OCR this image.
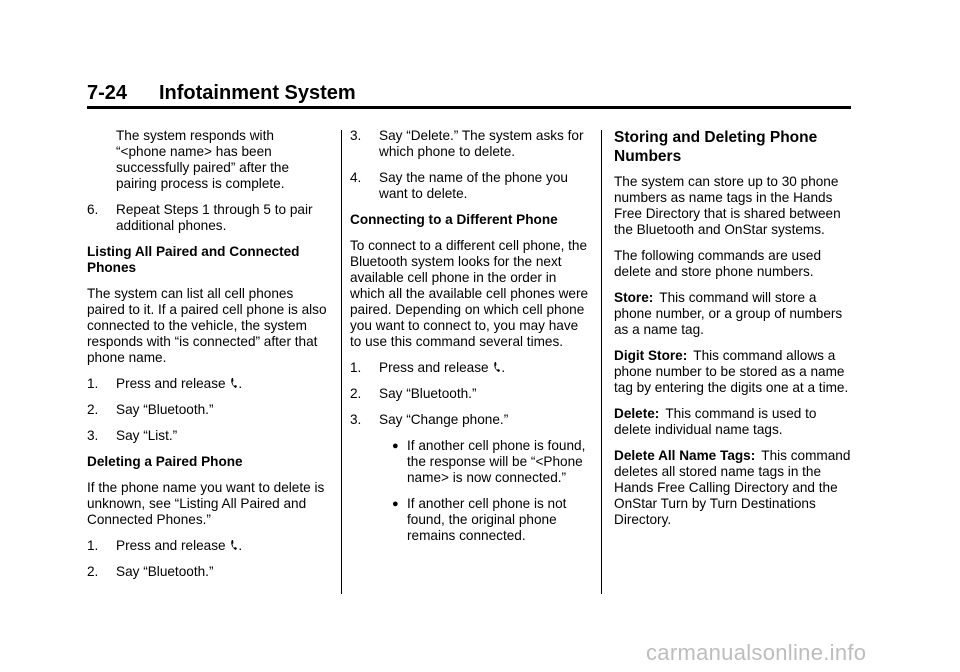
7-24 Infotainment System
The system responds with
“<phone name> has been
successfully paired” after the
pairing process is complete.
6. Repeat Steps 1 through 5 to pair additional phones.
Listing All Paired and Connected Phones
The system can list all cell phones paired to it. If a paired cell phone is also connected to the vehicle, the system responds with “is connected” after that phone name.
1. Press and release .
2. Say “Bluetooth.”
3. Say “List.”
Deleting a Paired Phone
If the phone name you want to delete is unknown, see “Listing All Paired and Connected Phones.”
1. Press and release .
2. Say “Bluetooth.”
3. Say “Delete.” The system asks for which phone to delete.
4. Say the name of the phone you want to delete.
Connecting to a Different Phone
To connect to a different cell phone, the Bluetooth system looks for the next available cell phone in the order in which all the available cell phones were paired. Depending on which cell phone you want to connect to, you may have to use this command several times.
1. Press and release .
2. Say “Bluetooth.”
3. Say “Change phone.”
● If another cell phone is found, the response will be “<Phone name> is now connected.”
● If another cell phone is not found, the original phone remains connected.
Storing and Deleting Phone Numbers
The system can store up to 30 phone numbers as name tags in the Hands Free Directory that is shared between the Bluetooth and OnStar systems.
The following commands are used delete and store phone numbers.
Store: This command will store a phone number, or a group of numbers as a name tag.
Digit Store: This command allows a phone number to be stored as a name tag by entering the digits one at a time.
Delete: This command is used to delete individual name tags.
Delete All Name Tags: This command deletes all stored name tags in the Hands Free Calling Directory and the OnStar Turn by Turn Destinations Directory.
carmanualsonline.info
